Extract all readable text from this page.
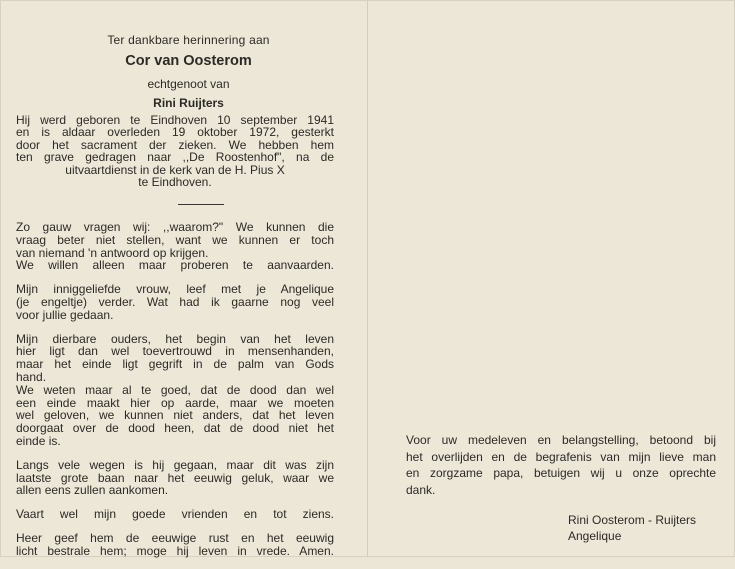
Ter dankbare herinnering aan
Cor van Oosterom
echtgenoot van
Rini Ruijters
Hij werd geboren te Eindhoven 10 september 1941
en is aldaar overleden 19 oktober 1972, gesterkt
door het sacrament der zieken. We hebben hem
ten grave gedragen naar ,,De Roostenhof", na de
uitvaartdienst in de kerk van de H. Pius X
te Eindhoven.

Zo gauw vragen wij: ,,waarom?" We kunnen die
vraag beter niet stellen, want we kunnen er toch
van niemand 'n antwoord op krijgen.
We willen alleen maar proberen te aanvaarden.

Mijn inniggeliefde vrouw, leef met je Angelique
(je engeltje) verder. Wat had ik gaarne nog veel
voor jullie gedaan.

Mijn dierbare ouders, het begin van het leven
hier ligt dan wel toevertrouwd in mensenhanden,
maar het einde ligt gegrift in de palm van Gods
hand.
We weten maar al te goed, dat de dood dan wel
een einde maakt hier op aarde, maar we moeten
wel geloven, we kunnen niet anders, dat het leven
doorgaat over de dood heen, dat de dood niet het
einde is.

Langs vele wegen is hij gegaan, maar dit was zijn
laatste grote baan naar het eeuwig geluk, waar we
allen eens zullen aankomen.

Vaart wel mijn goede vrienden en tot ziens.

Heer geef hem de eeuwige rust en het eeuwig
licht bestrale hem; moge hij leven in vrede. Amen.

Voor uw medeleven en belangstelling, betoond bij
het overlijden en de begrafenis van mijn lieve man
en zorgzame papa, betuigen wij u onze oprechte
dank.
Rini Oosterom - Ruijters
Angelique
